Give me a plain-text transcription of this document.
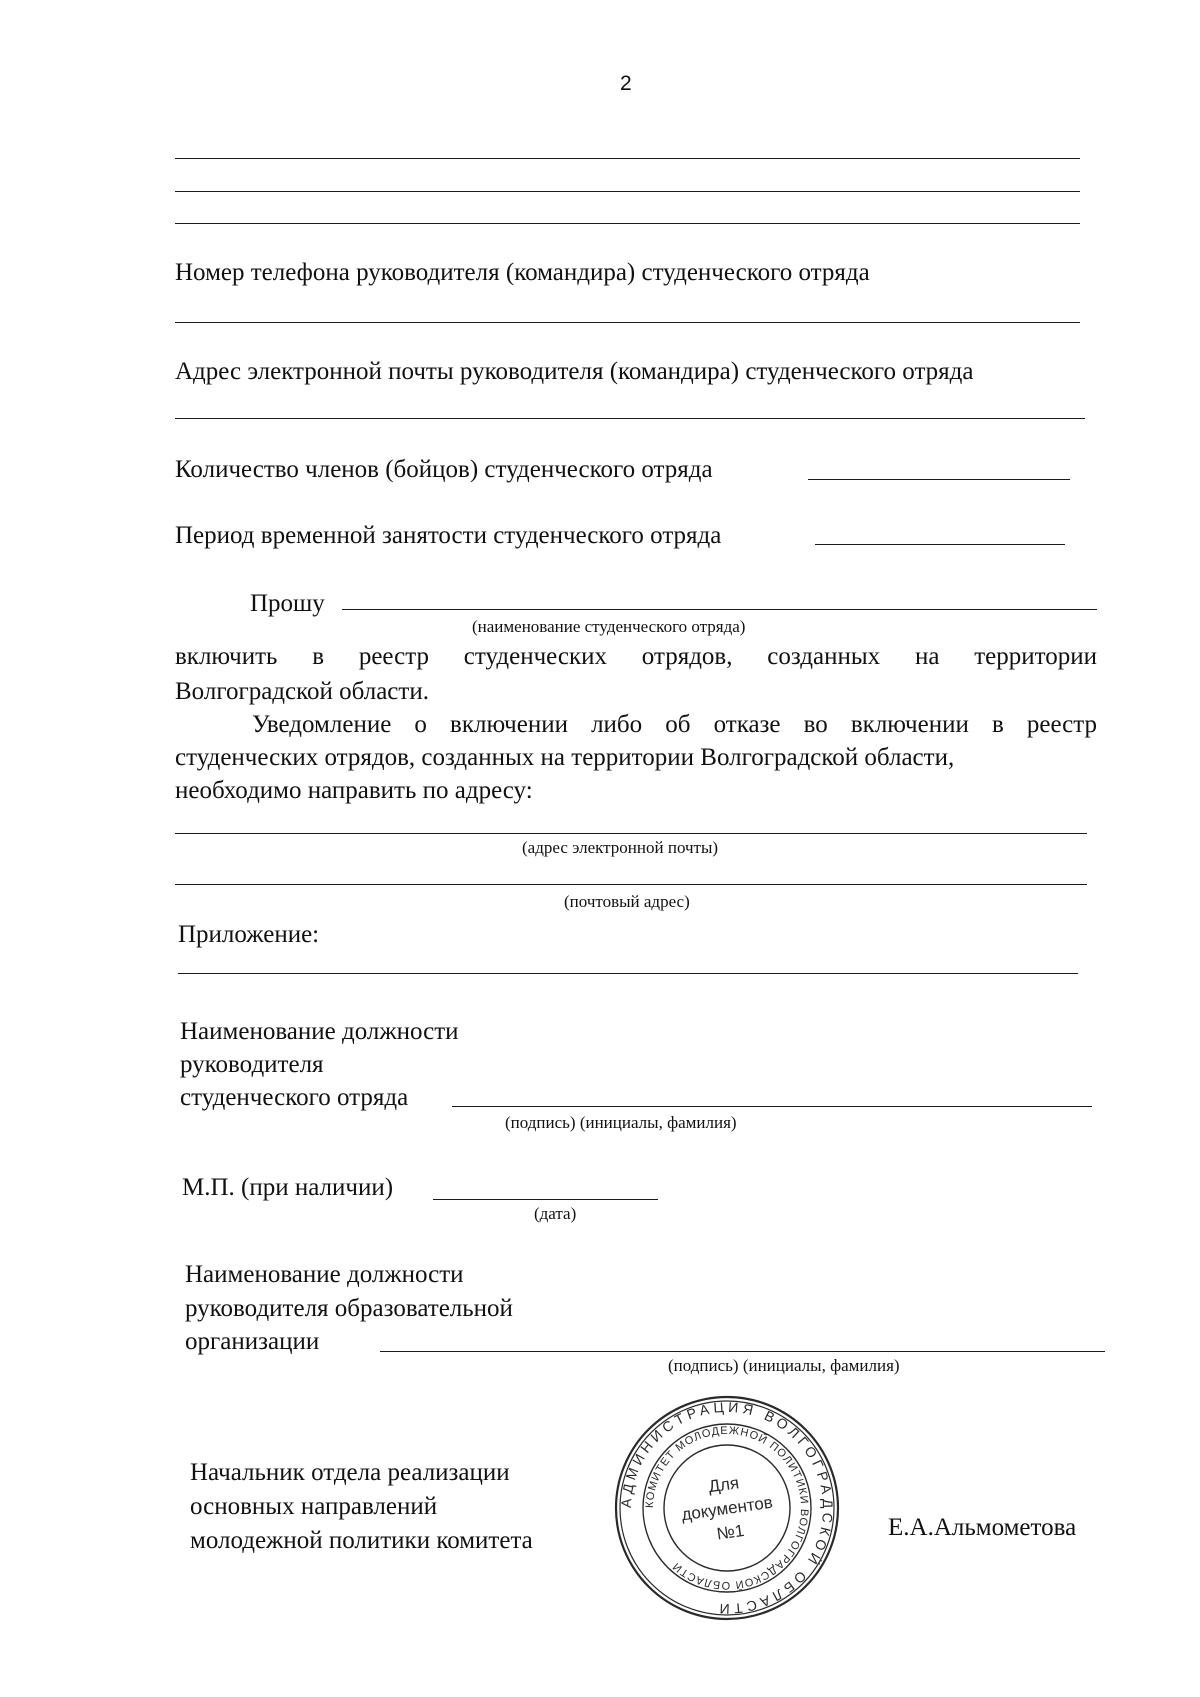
2
Номер телефона руководителя (командира) студенческого отряда
Адрес электронной почты руководителя (командира) студенческого отряда
Количество членов (бойцов) студенческого отряда
Период временной занятости студенческого отряда
Прошу
(наименование студенческого отряда)
включить в реестр студенческих отрядов, созданных на территории
Волгоградской области.
Уведомление о включении либо об отказе во включении в реестр
студенческих отрядов, созданных на территории Волгоградской области,
необходимо направить по адресу:
(адрес электронной почты)
(почтовый адрес)
Приложение:
Наименование должности
руководителя
студенческого отряда
(подпись) (инициалы, фамилия)
М.П. (при наличии)
(дата)
Наименование должности
руководителя образовательной
организации
(подпись) (инициалы, фамилия)
Начальник отдела реализации
основных направлений
молодежной политики комитета	Е.А.Альмометова
АДМИНИСТРАЦИЯ ВОЛГОГРАДСКОЙ ОБЛАСТИ
КОМИТЕТ МОЛОДЕЖНОЙ ПОЛИТИКИ ВОЛГОГРАДСКОЙ ОБЛАСТИ
Для
документов
№1
